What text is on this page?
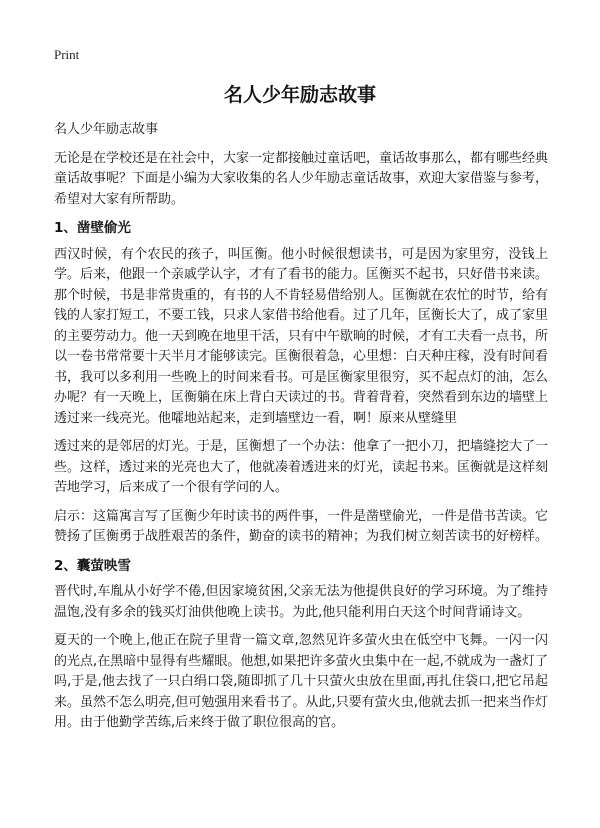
Print
名人少年励志故事
名人少年励志故事

无论是在学校还是在社会中，大家一定都接触过童话吧，童话故事那么，都有哪些经典童话故事呢？下面是小编为大家收集的名人少年励志童话故事，欢迎大家借鉴与参考，希望对大家有所帮助。

1、凿壁偷光

西汉时候，有个农民的孩子，叫匡衡。他小时候很想读书，可是因为家里穷，没钱上学。后来，他跟一个亲戚学认字，才有了看书的能力。匡衡买不起书，只好借书来读。那个时候，书是非常贵重的，有书的人不肯轻易借给别人。匡衡就在农忙的时节，给有钱的人家打短工，不要工钱，只求人家借书给他看。过了几年，匡衡长大了，成了家里的主要劳动力。他一天到晚在地里干活，只有中午歇晌的时候，才有工夫看一点书，所以一卷书常常要十天半月才能够读完。匡衡很着急，心里想：白天种庄稼，没有时间看书，我可以多利用一些晚上的时间来看书。可是匡衡家里很穷，买不起点灯的油，怎么办呢？有一天晚上，匡衡躺在床上背白天读过的书。背着背着，突然看到东边的墙壁上透过来一线亮光。他嚯地站起来，走到墙壁边一看，啊！原来从壁缝里

透过来的是邻居的灯光。于是，匡衡想了一个办法：他拿了一把小刀，把墙缝挖大了一些。这样，透过来的光亮也大了，他就凑着透进来的灯光，读起书来。匡衡就是这样刻苦地学习，后来成了一个很有学问的人。

启示：这篇寓言写了匡衡少年时读书的两件事，一件是凿壁偷光，一件是借书苦读。它赞扬了匡衡勇于战胜艰苦的条件，勤奋的读书的精神；为我们树立刻苦读书的好榜样。

2、囊萤映雪

晋代时,车胤从小好学不倦,但因家境贫困,父亲无法为他提供良好的学习环境。为了维持温饱,没有多余的钱买灯油供他晚上读书。为此,他只能利用白天这个时间背诵诗文。

夏天的一个晚上,他正在院子里背一篇文章,忽然见许多萤火虫在低空中飞舞。一闪一闪的光点,在黑暗中显得有些耀眼。他想,如果把许多萤火虫集中在一起,不就成为一盏灯了吗,于是,他去找了一只白绢口袋,随即抓了几十只萤火虫放在里面,再扎住袋口,把它吊起来。虽然不怎么明亮,但可勉强用来看书了。从此,只要有萤火虫,他就去抓一把来当作灯用。由于他勤学苦练,后来终于做了职位很高的官。
